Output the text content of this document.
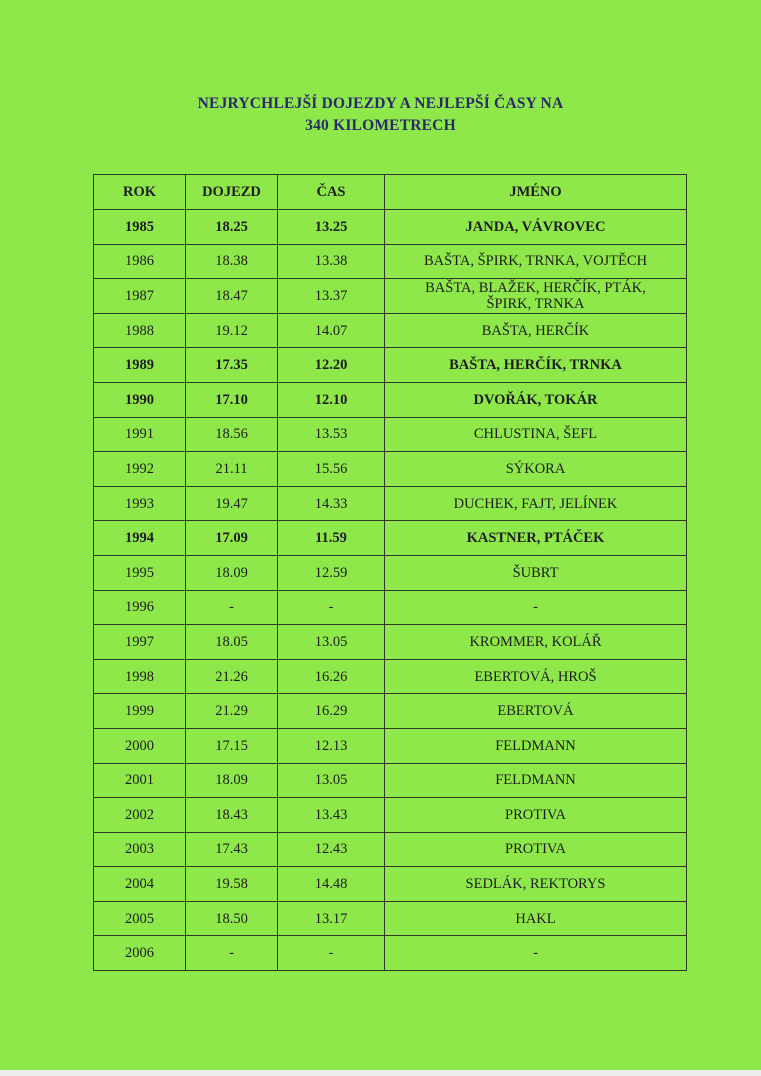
NEJRYCHLEJŠÍ DOJEZDY A NEJLEPŠÍ ČASY NA
340 KILOMETRECH
ROK	DOJEZD	ČAS	JMÉNO
1985	18.25	13.25	JANDA, VÁVROVEC

1986	18.38	13.38	BAŠTA, ŠPIRK, TRNKA, VOJTĚCH

1987	18.47	13.37	BAŠTA, BLAŽEK, HERČÍK, PTÁK,
ŠPIRK, TRNKA

1988	19.12	14.07	BAŠTA, HERČÍK

1989	17.35	12.20	BAŠTA, HERČÍK, TRNKA

1990	17.10	12.10	DVOŘÁK, TOKÁR

1991	18.56	13.53	CHLUSTINA, ŠEFL

1992	21.11	15.56	SÝKORA

1993	19.47	14.33	DUCHEK, FAJT, JELÍNEK

1994	17.09	11.59	KASTNER, PTÁČEK

1995	18.09	12.59	ŠUBRT

1996	-	-	-

1997	18.05	13.05	KROMMER, KOLÁŘ

1998	21.26	16.26	EBERTOVÁ, HROŠ

1999	21.29	16.29	EBERTOVÁ

2000	17.15	12.13	FELDMANN

2001	18.09	13.05	FELDMANN

2002	18.43	13.43	PROTIVA

2003	17.43	12.43	PROTIVA

2004	19.58	14.48	SEDLÁK, REKTORYS

2005	18.50	13.17	HAKL

2006	-	-	-
